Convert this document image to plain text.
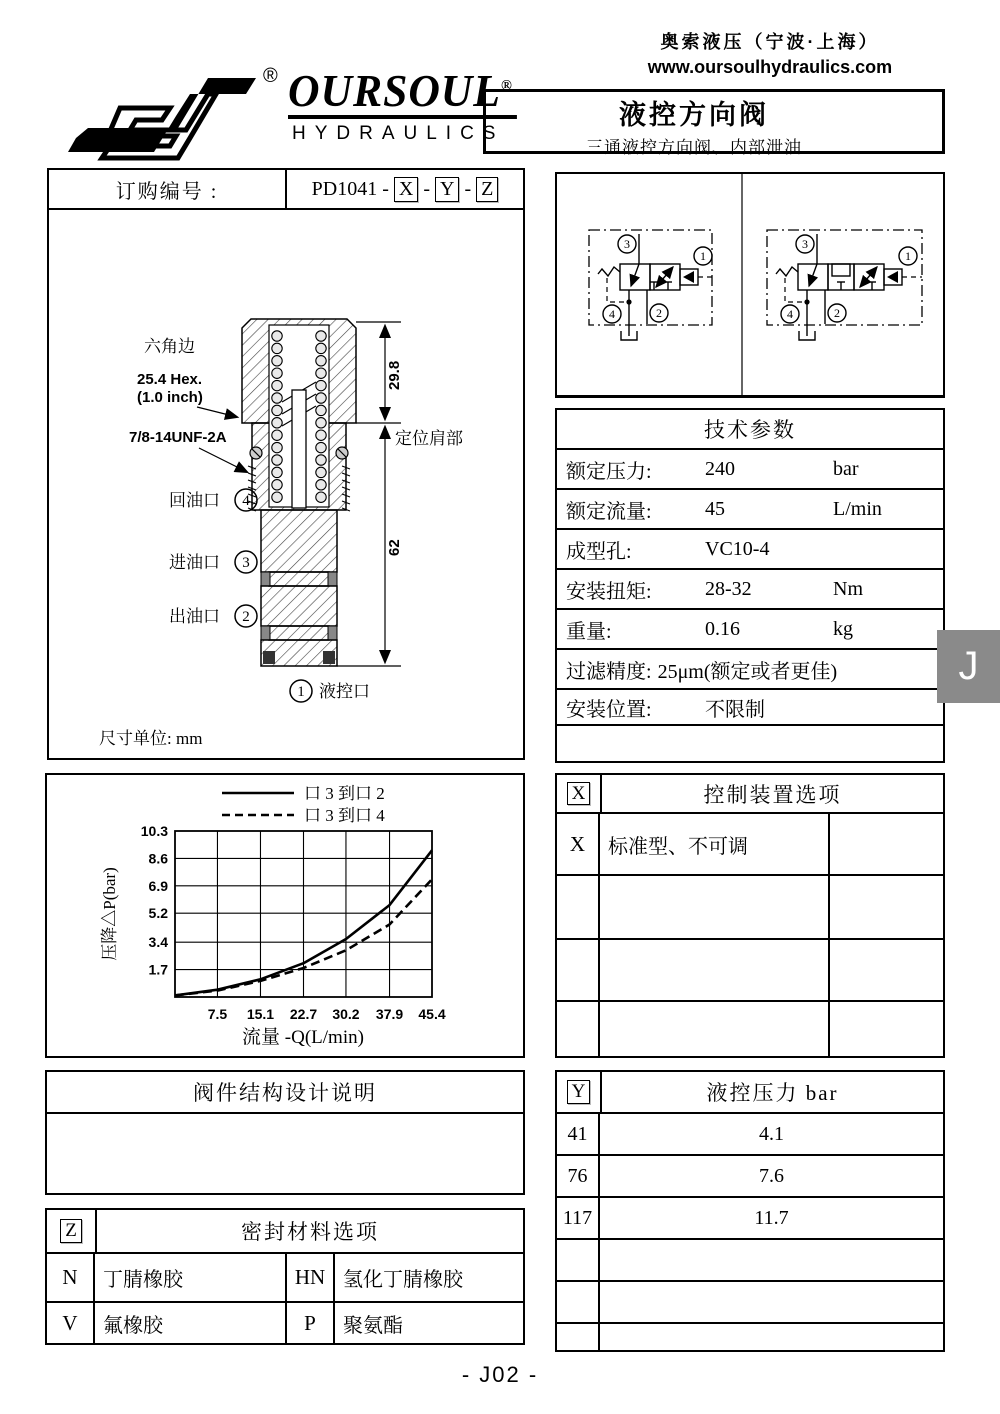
奥索液压（宁波·上海）
www.oursoulhydraulics.com
® OURSOUL®
HYDRAULICS
液控方向阀
三通液控方向阀、内部泄油
订购编号 :	PD1041 - X - Y - Z
29.8
定位肩部
62
六角边
25.4 Hex.
(1.0 inch)
7/8-14UNF-2A
回油口 4
进油口 3
出油口 2
1 液控口
尺寸单位: mm
3
4	2
1
3
4	2
1
技术参数
额定压力:	240	bar
额定流量:	45	L/min
成型孔:	VC10-4
安装扭矩:	28-32	Nm
重量:	0.16	kg
过滤精度: 25μm(额定或者更佳)
安装位置:	不限制
口 3 到口 2
口 3 到口 4
流量 -Q(L/min)
压降△P(bar)
7.5 15.1 22.7 30.2 37.9 45.4
1.7
3.4
5.2
6.9
8.6
10.3
X	控制装置选项
X	标准型、不可调
阀件结构设计说明	Y	液控压力 bar
41	4.1
76	7.6
117	11.7
Z	密封材料选项
N	丁腈橡胶	HN 氢化丁腈橡胶
V	氟橡胶	P	聚氨酯
- J02 -
J
